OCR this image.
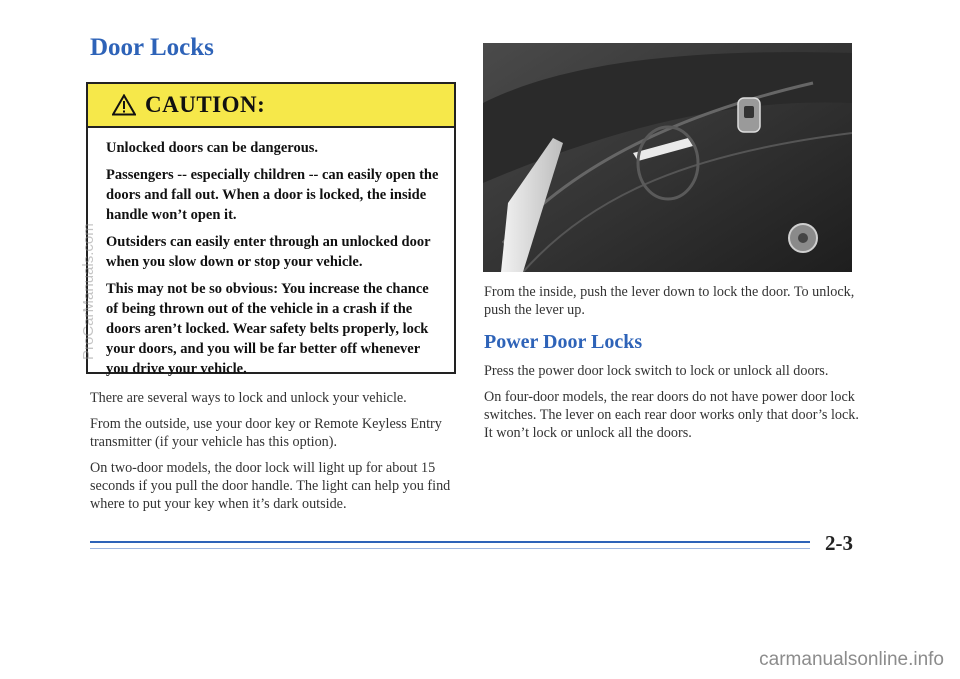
Door Locks
CAUTION:

Unlocked doors can be dangerous.

Passengers -- especially children -- can easily open the doors and fall out. When a door is locked, the inside handle won’t open it.

Outsiders can easily enter through an unlocked door when you slow down or stop your vehicle.

This may not be so obvious: You increase the chance of being thrown out of the vehicle in a crash if the doors aren’t locked. Wear safety belts properly, lock your doors, and you will be far better off whenever you drive your vehicle.

There are several ways to lock and unlock your vehicle.

From the outside, use your door key or Remote Keyless Entry transmitter (if your vehicle has this option).

On two-door models, the door lock will light up for about 15 seconds if you pull the door handle. The light can help you find where to put your key when it’s dark outside.

From the inside, push the lever down to lock the door. To unlock, push the lever up.

Power Door Locks

Press the power door lock switch to lock or unlock all doors.

On four-door models, the rear doors do not have power door lock switches. The lever on each rear door works only that door’s lock. It won’t lock or unlock all the doors.

2-3
ProCarManuals.com
carmanualsonline.info
